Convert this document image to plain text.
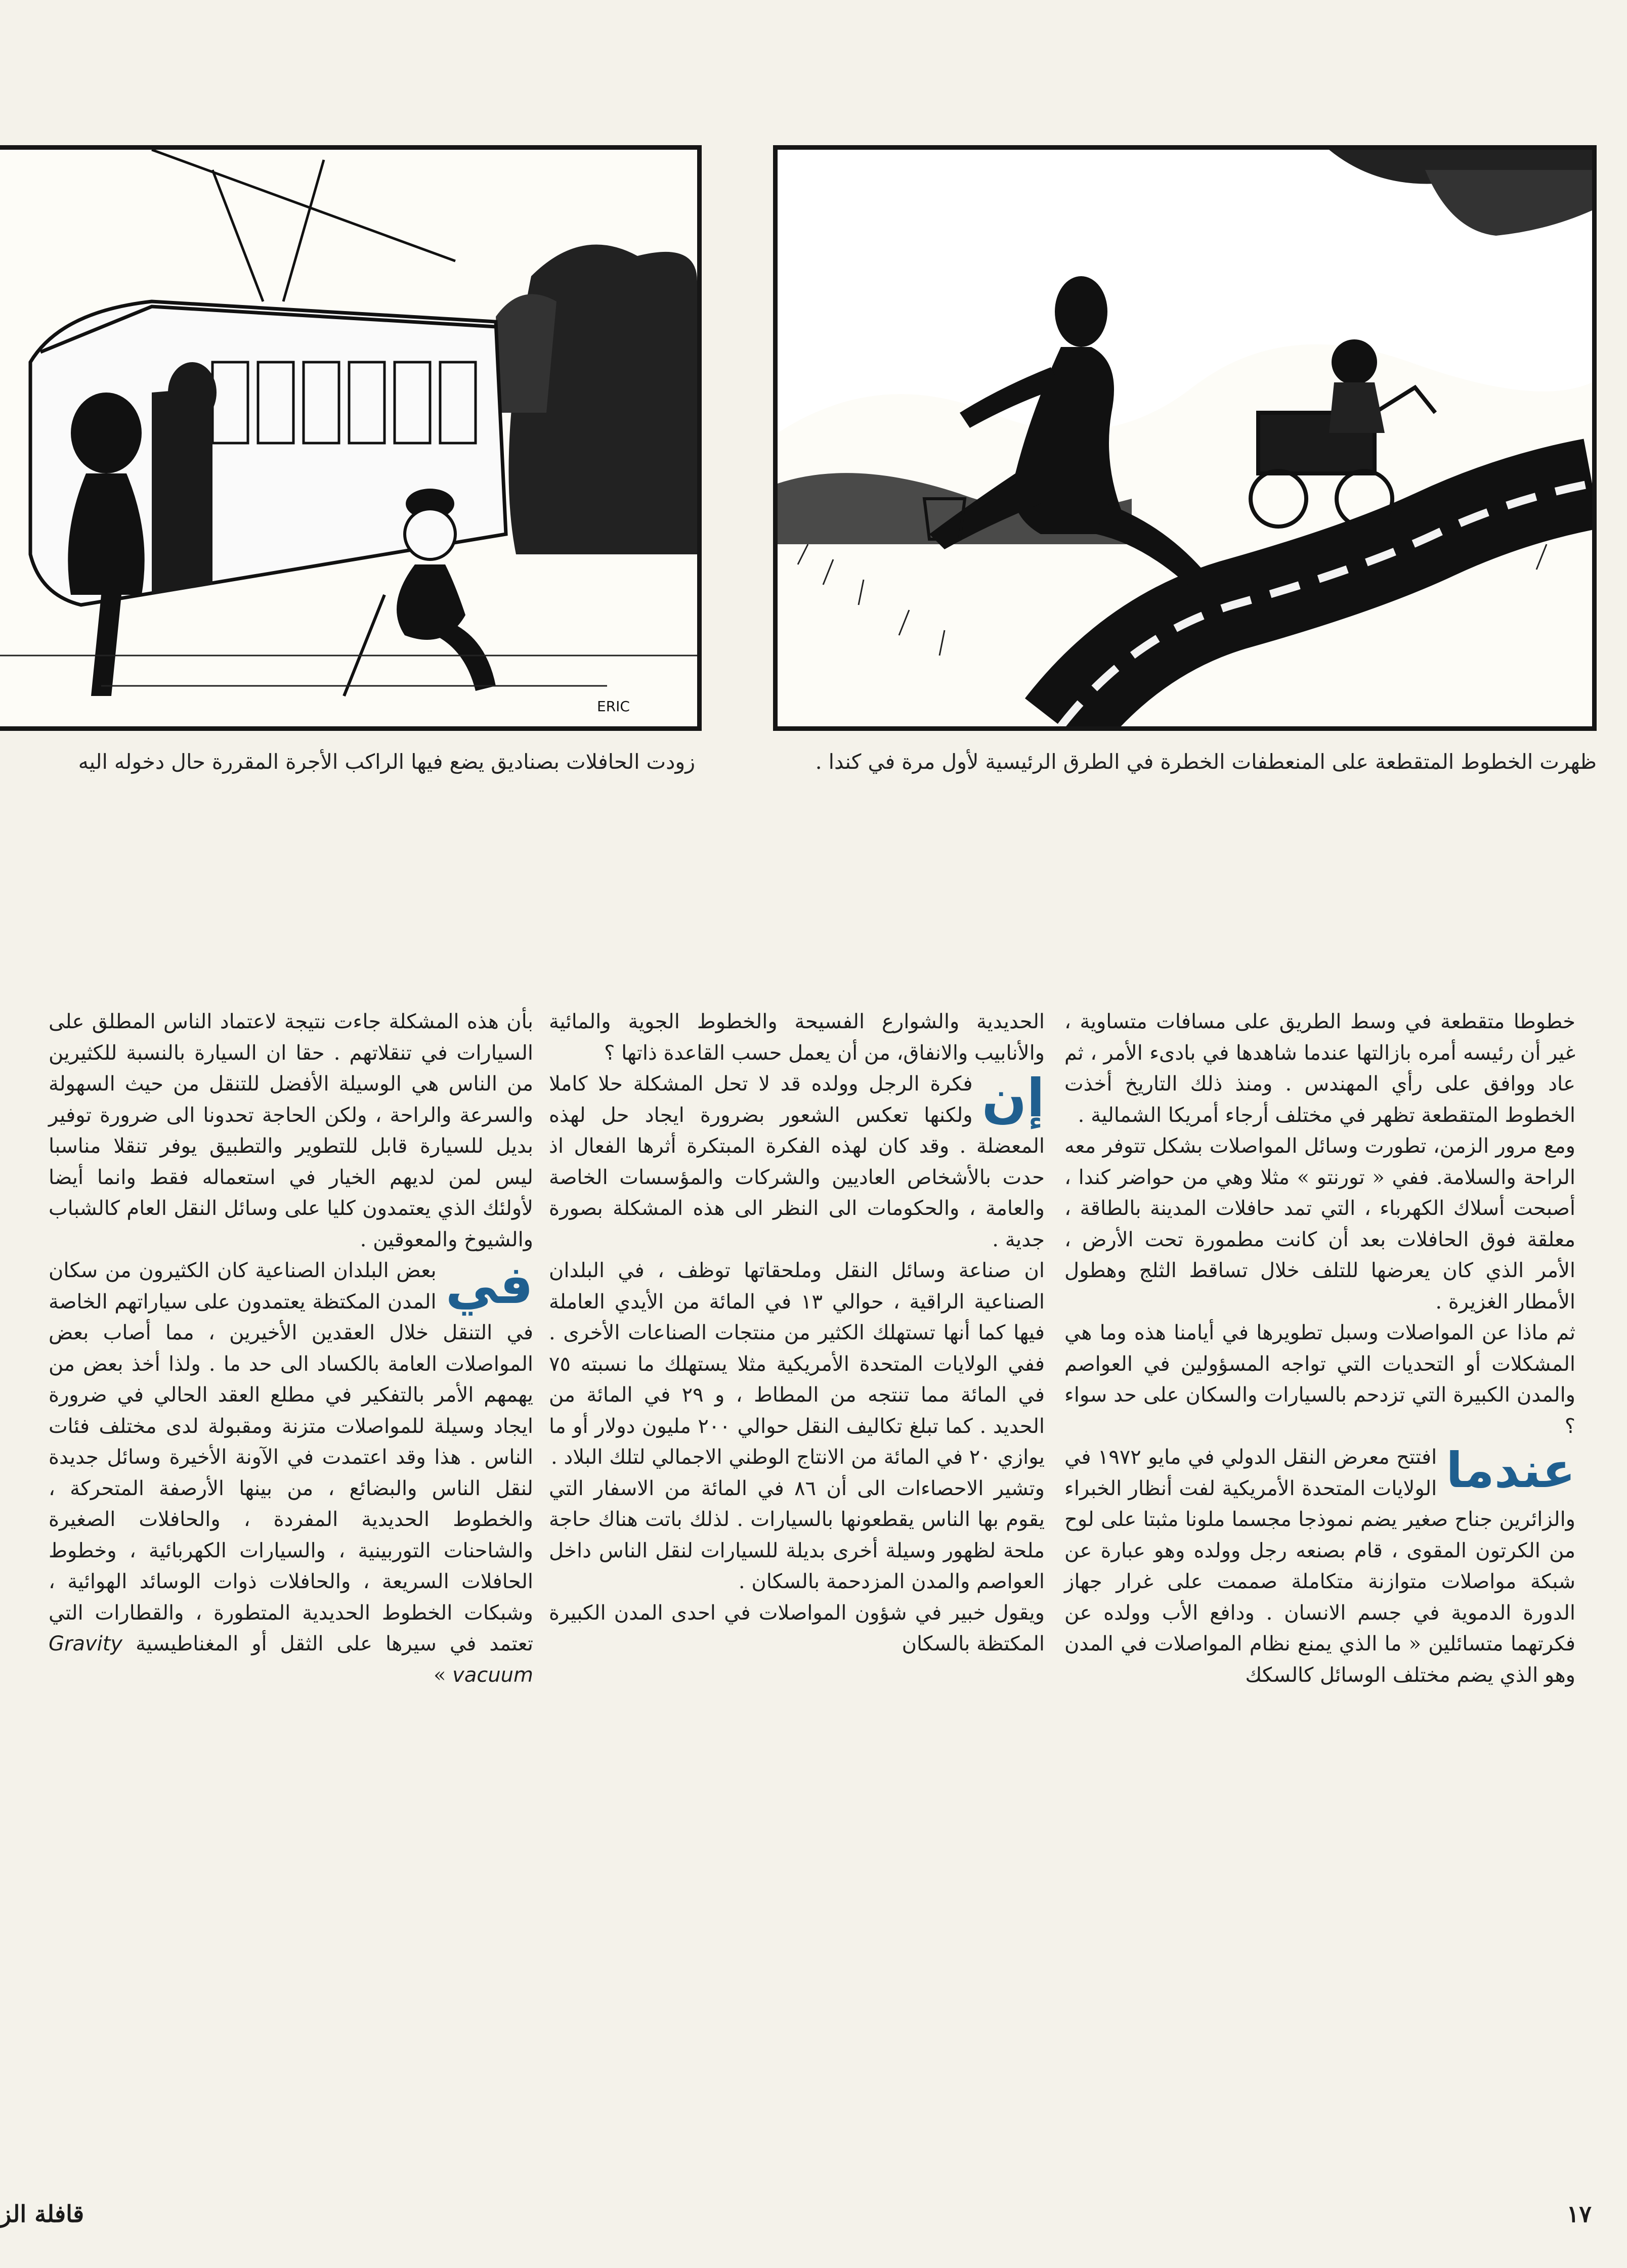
ERIC
ظهرت الخطوط المتقطعة على المنعطفات الخطرة في الطرق الرئيسية لأول مرة في كندا .
زودت الحافلات بصناديق يضع فيها الراكب الأجرة المقررة حال دخوله اليه

خطوطا متقطعة في وسط الطريق على مسافات متساوية ، غير أن رئيسه أمره بازالتها عندما شاهدها في بادىء الأمر ، ثم عاد ووافق على رأي المهندس . ومنذ ذلك التاريخ أخذت الخطوط المتقطعة تظهر في مختلف أرجاء أمريكا الشمالية .

ومع مرور الزمن، تطورت وسائل المواصلات بشكل تتوفر معه الراحة والسلامة. ففي « تورنتو » مثلا وهي من حواضر كندا ، أصبحت أسلاك الكهرباء ، التي تمد حافلات المدينة بالطاقة ، معلقة فوق الحافلات بعد أن كانت مطمورة تحت الأرض ، الأمر الذي كان يعرضها للتلف خلال تساقط الثلج وهطول الأمطار الغزيرة .

ثم ماذا عن المواصلات وسبل تطويرها في أيامنا هذه وما هي المشكلات أو التحديات التي تواجه المسؤولين في العواصم والمدن الكبيرة التي تزدحم بالسيارات والسكان على حد سواء ؟

عندما
افتتح معرض النقل الدولي في مايو ١٩٧٢ في الولايات المتحدة الأمريكية لفت أنظار الخبراء والزائرين جناح صغير يضم نموذجا مجسما ملونا مثبتا على لوح من الكرتون المقوى ، قام بصنعه رجل وولده وهو عبارة عن شبكة مواصلات متوازنة متكاملة صممت على غرار جهاز الدورة الدموية في جسم الانسان . ودافع الأب وولده عن فكرتهما متسائلين « ما الذي يمنع نظام المواصلات في المدن وهو الذي يضم مختلف الوسائل كالسكك

الحديدية والشوارع الفسيحة والخطوط الجوية والمائية والأنابيب والانفاق، من أن يعمل حسب القاعدة ذاتها ؟

إن
فكرة الرجل وولده قد لا تحل المشكلة حلا كاملا ولكنها تعكس الشعور بضرورة ايجاد حل لهذه المعضلة . وقد كان لهذه الفكرة المبتكرة أثرها الفعال اذ حدت بالأشخاص العاديين والشركات والمؤسسات الخاصة والعامة ، والحكومات الى النظر الى هذه المشكلة بصورة جدية .

ان صناعة وسائل النقل وملحقاتها توظف ، في البلدان الصناعية الراقية ، حوالي ١٣ في المائة من الأيدي العاملة فيها كما أنها تستهلك الكثير من منتجات الصناعات الأخرى . ففي الولايات المتحدة الأمريكية مثلا يستهلك ما نسبته ٧٥ في المائة مما تنتجه من المطاط ، و ٢٩ في المائة من الحديد . كما تبلغ تكاليف النقل حوالي ٢٠٠ مليون دولار أو ما يوازي ٢٠ في المائة من الانتاج الوطني الاجمالي لتلك البلاد .

وتشير الاحصاءات الى أن ٨٦ في المائة من الاسفار التي يقوم بها الناس يقطعونها بالسيارات . لذلك باتت هناك حاجة ملحة لظهور وسيلة أخرى بديلة للسيارات لنقل الناس داخل العواصم والمدن المزدحمة بالسكان .

ويقول خبير في شؤون المواصلات في احدى المدن الكبيرة المكتظة بالسكان

بأن هذه المشكلة جاءت نتيجة لاعتماد الناس المطلق على السيارات في تنقلاتهم . حقا ان السيارة بالنسبة للكثيرين من الناس هي الوسيلة الأفضل للتنقل من حيث السهولة والسرعة والراحة ، ولكن الحاجة تحدونا الى ضرورة توفير بديل للسيارة قابل للتطوير والتطبيق يوفر تنقلا مناسبا ليس لمن لديهم الخيار في استعماله فقط وانما أيضا لأولئك الذي يعتمدون كليا على وسائل النقل العام كالشباب والشيوخ والمعوقين .

في
بعض البلدان الصناعية كان الكثيرون من سكان المدن المكتظة يعتمدون على سياراتهم الخاصة في التنقل خلال العقدين الأخيرين ، مما أصاب بعض المواصلات العامة بالكساد الى حد ما . ولذا أخذ بعض من يهمهم الأمر بالتفكير في مطلع العقد الحالي في ضرورة ايجاد وسيلة للمواصلات متزنة ومقبولة لدى مختلف فئات الناس . هذا وقد اعتمدت في الآونة الأخيرة وسائل جديدة لنقل الناس والبضائع ، من بينها الأرصفة المتحركة ، والخطوط الحديدية المفردة ، والحافلات الصغيرة والشاحنات التوربينية ، والسيارات الكهربائية ، وخطوط الحافلات السريعة ، والحافلات ذوات الوسائد الهوائية ، وشبكات الخطوط الحديدية المتطورة ، والقطارات التي تعتمد في سيرها على الثقل أو المغناطيسية Gravity vacuum »

١٧
قافلة الز
